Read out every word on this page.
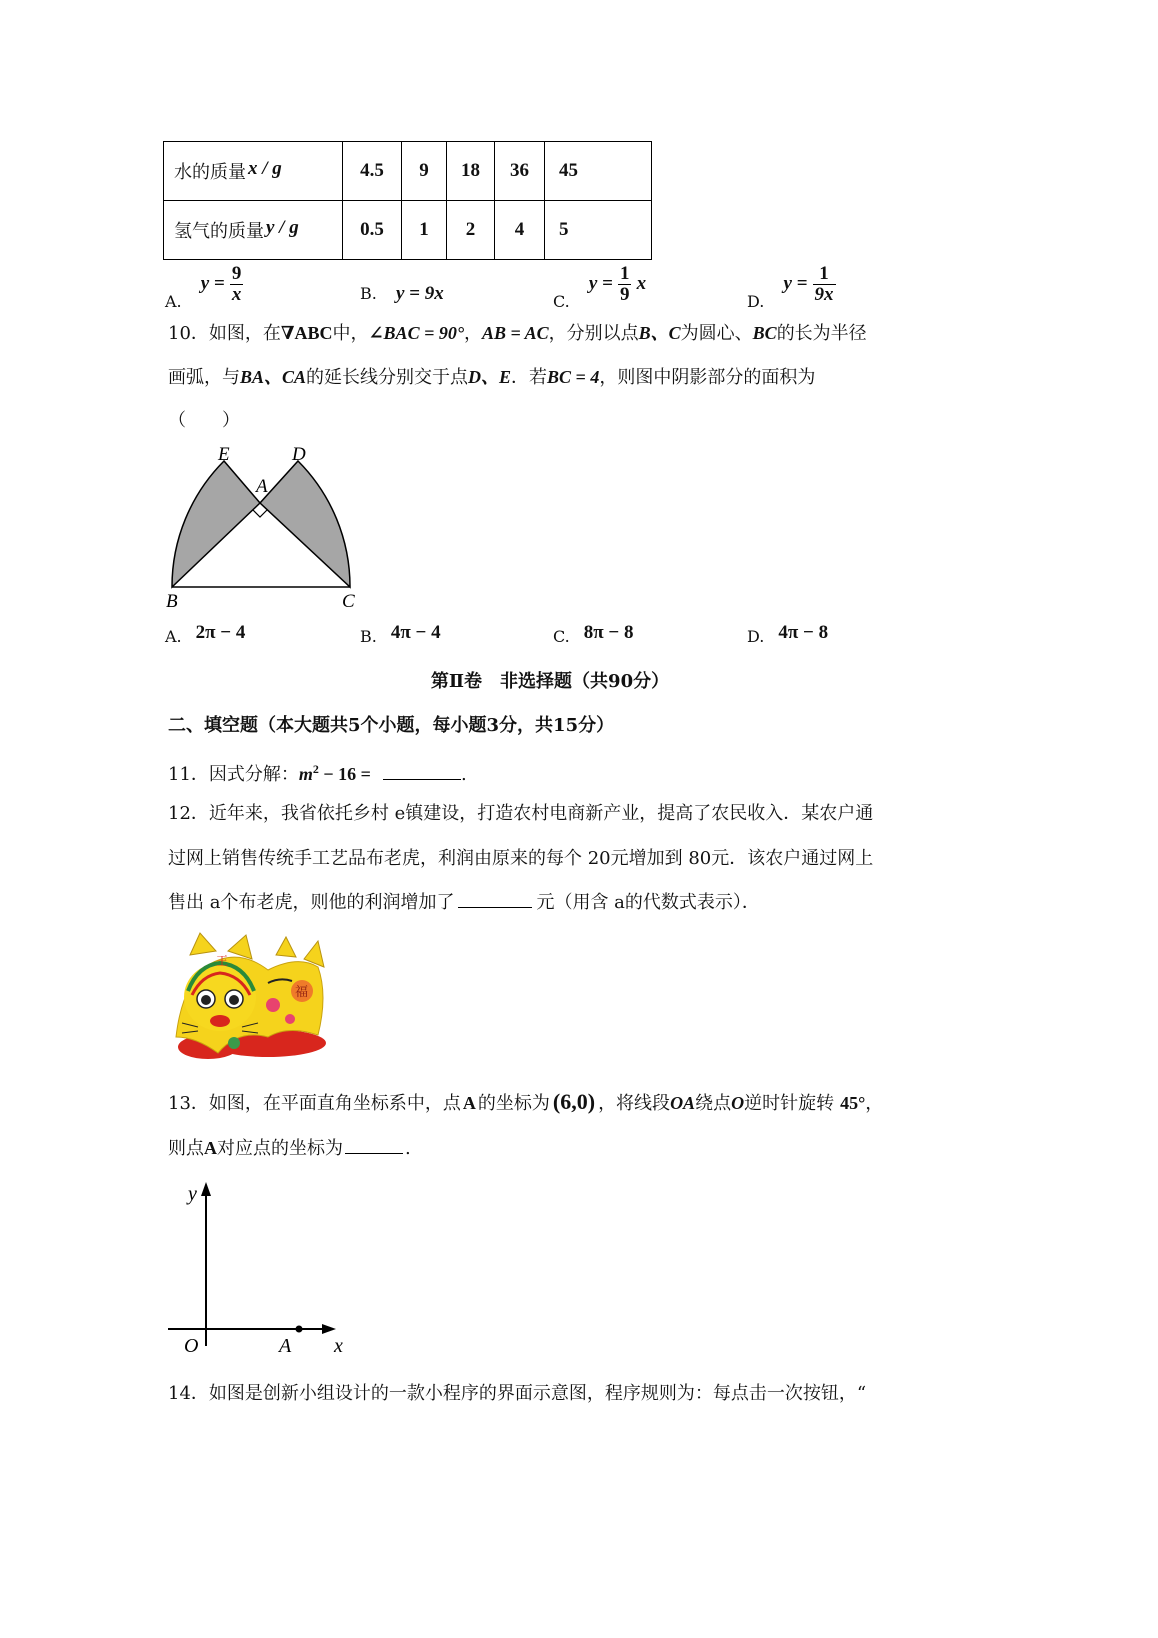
水的质量 x / g	4.5	9	18	36	45
氢气的质量 y / g	0.5	1	2	4	5
A. $y = \frac{9}{x}$	B. y = 9x	C. $y = \frac{1}{9}$ x
D. $y = \frac{1}{9x}$
10．如图，在∇ABC中，∠BAC = 90°，AB = AC，分别以点B、C为圆心、BC的长为半径
画弧，与BA、CA的延长线分别交于点D、E．若BC = 4，则图中阴影部分的面积为
（　　）
E	D
A
B	C
A. 2π − 4	B. 4π − 4	C. 8π − 8	D. 4π − 8
第Ⅱ卷　非选择题（共90分）
二、填空题（本大题共5个小题，每小题3分，共15分）
11．因式分解：$m^2 - 16$ =	.
12．近年来，我省依托乡村 e镇建设，打造农村电商新产业，提高了农民收入．某农户通
过网上销售传统手工艺品布老虎，利润由原来的每个 20元增加到 80元．该农户通过网上
售出 a个布老虎，则他的利润增加了	元（用含 a的代数式表示）．
王
福
13．如图，在平面直角坐标系中，点 A 的坐标为 (6,0) ，将线段OA绕点O逆时针旋转 45°，
则点A对应点的坐标为	.
y
x
O	A
14．如图是创新小组设计的一款小程序的界面示意图，程序规则为：每点击一次按钮，“
